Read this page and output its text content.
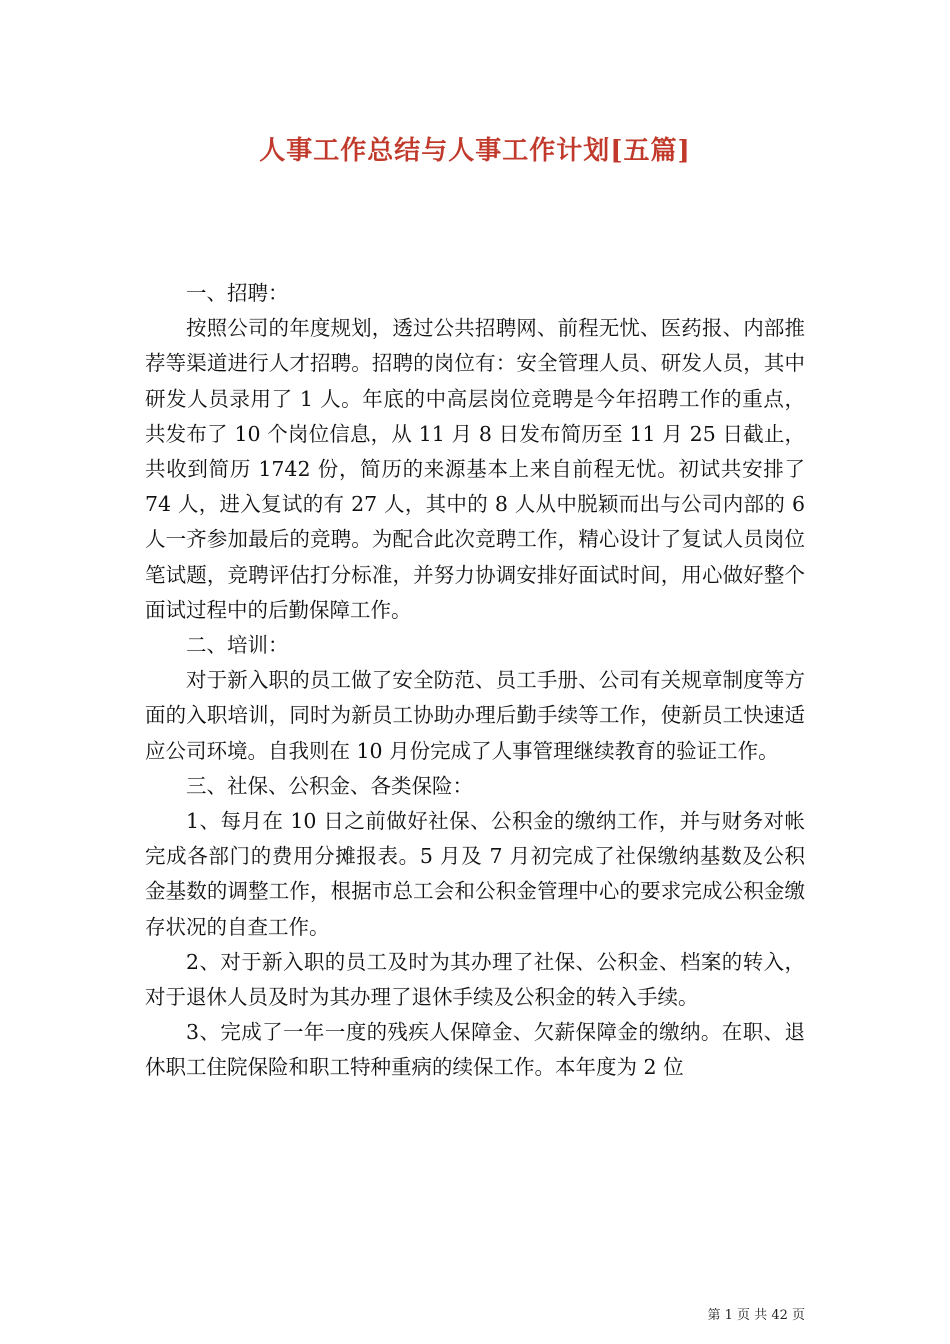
人事工作总结与人事工作计划[五篇]

一、招聘：

按照公司的年度规划，透过公共招聘网、前程无忧、医药报、内部推荐等渠道进行人才招聘。招聘的岗位有：安全管理人员、研发人员，其中研发人员录用了 1 人。年底的中高层岗位竞聘是今年招聘工作的重点，共发布了 10 个岗位信息，从 11 月 8 日发布简历至 11 月 25 日截止，共收到简历 1742 份，简历的来源基本上来自前程无忧。初试共安排了 74 人，进入复试的有 27 人，其中的 8 人从中脱颖而出与公司内部的 6 人一齐参加最后的竞聘。为配合此次竞聘工作，精心设计了复试人员岗位笔试题，竞聘评估打分标准，并努力协调安排好面试时间，用心做好整个面试过程中的后勤保障工作。

二、培训：

对于新入职的员工做了安全防范、员工手册、公司有关规章制度等方面的入职培训，同时为新员工协助办理后勤手续等工作，使新员工快速适应公司环境。自我则在 10 月份完成了人事管理继续教育的验证工作。

三、社保、公积金、各类保险：

1、每月在 10 日之前做好社保、公积金的缴纳工作，并与财务对帐完成各部门的费用分摊报表。5 月及 7 月初完成了社保缴纳基数及公积金基数的调整工作，根据市总工会和公积金管理中心的要求完成公积金缴存状况的自查工作。

2、对于新入职的员工及时为其办理了社保、公积金、档案的转入，对于退休人员及时为其办理了退休手续及公积金的转入手续。

3、完成了一年一度的残疾人保障金、欠薪保障金的缴纳。在职、退休职工住院保险和职工特种重病的续保工作。本年度为 2 位

第 1 页 共 42 页
